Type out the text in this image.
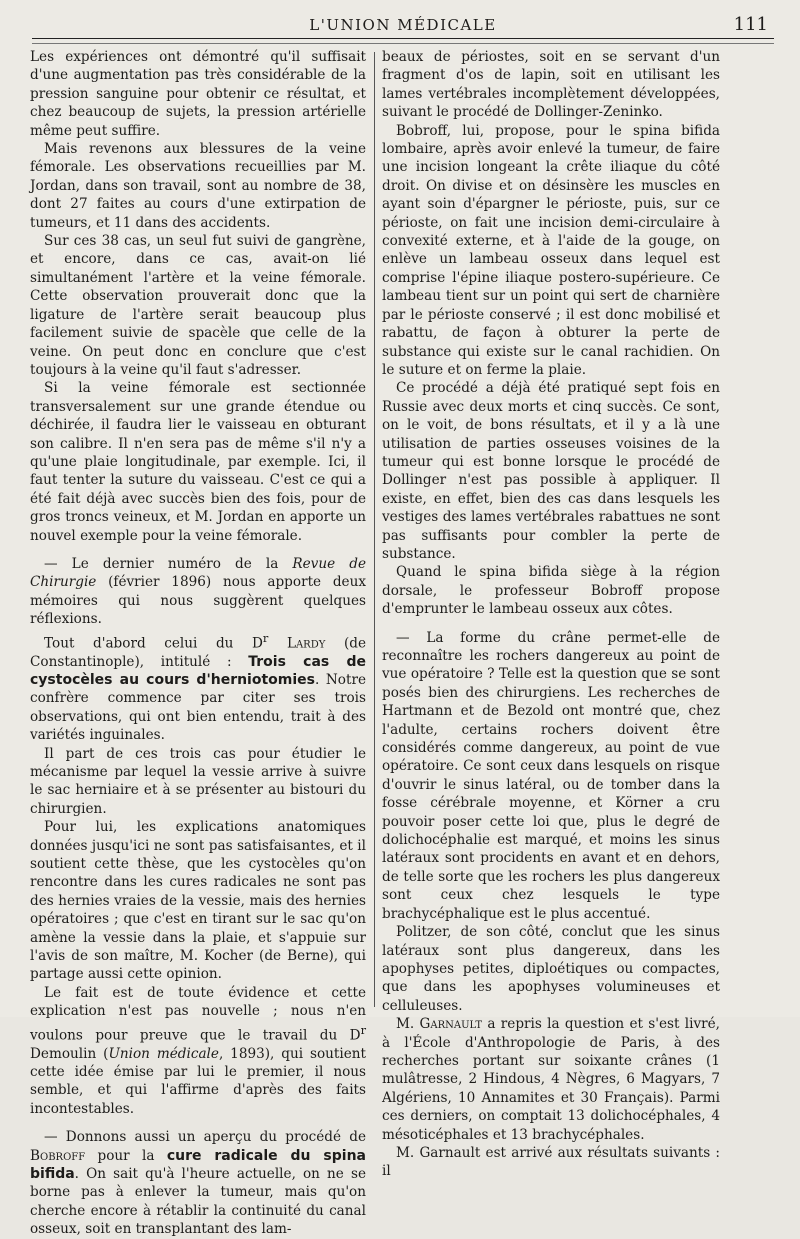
L'UNION MÉDICALE	111

Les expériences ont démontré qu'il suffisait d'une augmentation pas très considérable de la pression sanguine pour obtenir ce résultat, et chez beaucoup de sujets, la pression artérielle même peut suffire.

Mais revenons aux blessures de la veine fémorale. Les observations recueillies par M. Jordan, dans son travail, sont au nombre de 38, dont 27 faites au cours d'une extirpation de tumeurs, et 11 dans des accidents.

Sur ces 38 cas, un seul fut suivi de gangrène, et encore, dans ce cas, avait-on lié simultanément l'artère et la veine fémorale. Cette observation prouverait donc que la ligature de l'artère serait beaucoup plus facilement suivie de spacèle que celle de la veine. On peut donc en conclure que c'est toujours à la veine qu'il faut s'adresser.

Si la veine fémorale est sectionnée transversalement sur une grande étendue ou déchirée, il faudra lier le vaisseau en obturant son calibre. Il n'en sera pas de même s'il n'y a qu'une plaie longitudinale, par exemple. Ici, il faut tenter la suture du vaisseau. C'est ce qui a été fait déjà avec succès bien des fois, pour de gros troncs veineux, et M. Jordan en apporte un nouvel exemple pour la veine fémorale.

— Le dernier numéro de la Revue de Chirurgie (février 1896) nous apporte deux mémoires qui nous suggèrent quelques réflexions.

Tout d'abord celui du $D^r$ Lardy (de Constantinople), intitulé : Trois cas de cystocèles au cours d'herniotomies. Notre confrère commence par citer ses trois observations, qui ont bien entendu, trait à des variétés inguinales.

Il part de ces trois cas pour étudier le mécanisme par lequel la vessie arrive à suivre le sac herniaire et à se présenter au bistouri du chirurgien.

Pour lui, les explications anatomiques données jusqu'ici ne sont pas satisfaisantes, et il soutient cette thèse, que les cystocèles qu'on rencontre dans les cures radicales ne sont pas des hernies vraies de la vessie, mais des hernies opératoires ; que c'est en tirant sur le sac qu'on amène la vessie dans la plaie, et s'appuie sur l'avis de son maître, M. Kocher (de Berne), qui partage aussi cette opinion.

Le fait est de toute évidence et cette explication n'est pas nouvelle ; nous n'en voulons pour preuve que le travail du $D^r$ Demoulin (Union médicale, 1893), qui soutient cette idée émise par lui le premier, il nous semble, et qui l'affirme d'après des faits incontestables.

— Donnons aussi un aperçu du procédé de Bobroff pour la cure radicale du spina bifida. On sait qu'à l'heure actuelle, on ne se borne pas à enlever la tumeur, mais qu'on cherche encore à rétablir la continuité du canal osseux, soit en transplantant des lam-

beaux de périostes, soit en se servant d'un fragment d'os de lapin, soit en utilisant les lames vertébrales incomplètement développées, suivant le procédé de Dollinger-Zeninko.

Bobroff, lui, propose, pour le spina bifida lombaire, après avoir enlevé la tumeur, de faire une incision longeant la crête iliaque du côté droit. On divise et on désinsère les muscles en ayant soin d'épargner le périoste, puis, sur ce périoste, on fait une incision demi-circulaire à convexité externe, et à l'aide de la gouge, on enlève un lambeau osseux dans lequel est comprise l'épine iliaque postero-supérieure. Ce lambeau tient sur un point qui sert de charnière par le périoste conservé ; il est donc mobilisé et rabattu, de façon à obturer la perte de substance qui existe sur le canal rachidien. On le suture et on ferme la plaie.

Ce procédé a déjà été pratiqué sept fois en Russie avec deux morts et cinq succès. Ce sont, on le voit, de bons résultats, et il y a là une utilisation de parties osseuses voisines de la tumeur qui est bonne lorsque le procédé de Dollinger n'est pas possible à appliquer. Il existe, en effet, bien des cas dans lesquels les vestiges des lames vertébrales rabattues ne sont pas suffisants pour combler la perte de substance.

Quand le spina bifida siège à la région dorsale, le professeur Bobroff propose d'emprunter le lambeau osseux aux côtes.

— La forme du crâne permet-elle de reconnaître les rochers dangereux au point de vue opératoire ? Telle est la question que se sont posés bien des chirurgiens. Les recherches de Hartmann et de Bezold ont montré que, chez l'adulte, certains rochers doivent être considérés comme dangereux, au point de vue opératoire. Ce sont ceux dans lesquels on risque d'ouvrir le sinus latéral, ou de tomber dans la fosse cérébrale moyenne, et Körner a cru pouvoir poser cette loi que, plus le degré de dolichocéphalie est marqué, et moins les sinus latéraux sont procidents en avant et en dehors, de telle sorte que les rochers les plus dangereux sont ceux chez lesquels le type brachycéphalique est le plus accentué.

Politzer, de son côté, conclut que les sinus latéraux sont plus dangereux, dans les apophyses petites, diploétiques ou compactes, que dans les apophyses volumineuses et celluleuses.

M. Garnault a repris la question et s'est livré, à l'École d'Anthropologie de Paris, à des recherches portant sur soixante crânes (1 mulâtresse, 2 Hindous, 4 Nègres, 6 Magyars, 7 Algériens, 10 Annamites et 30 Français). Parmi ces derniers, on comptait 13 dolichocéphales, 4 mésoticéphales et 13 brachycéphales.

M. Garnault est arrivé aux résultats suivants : il
